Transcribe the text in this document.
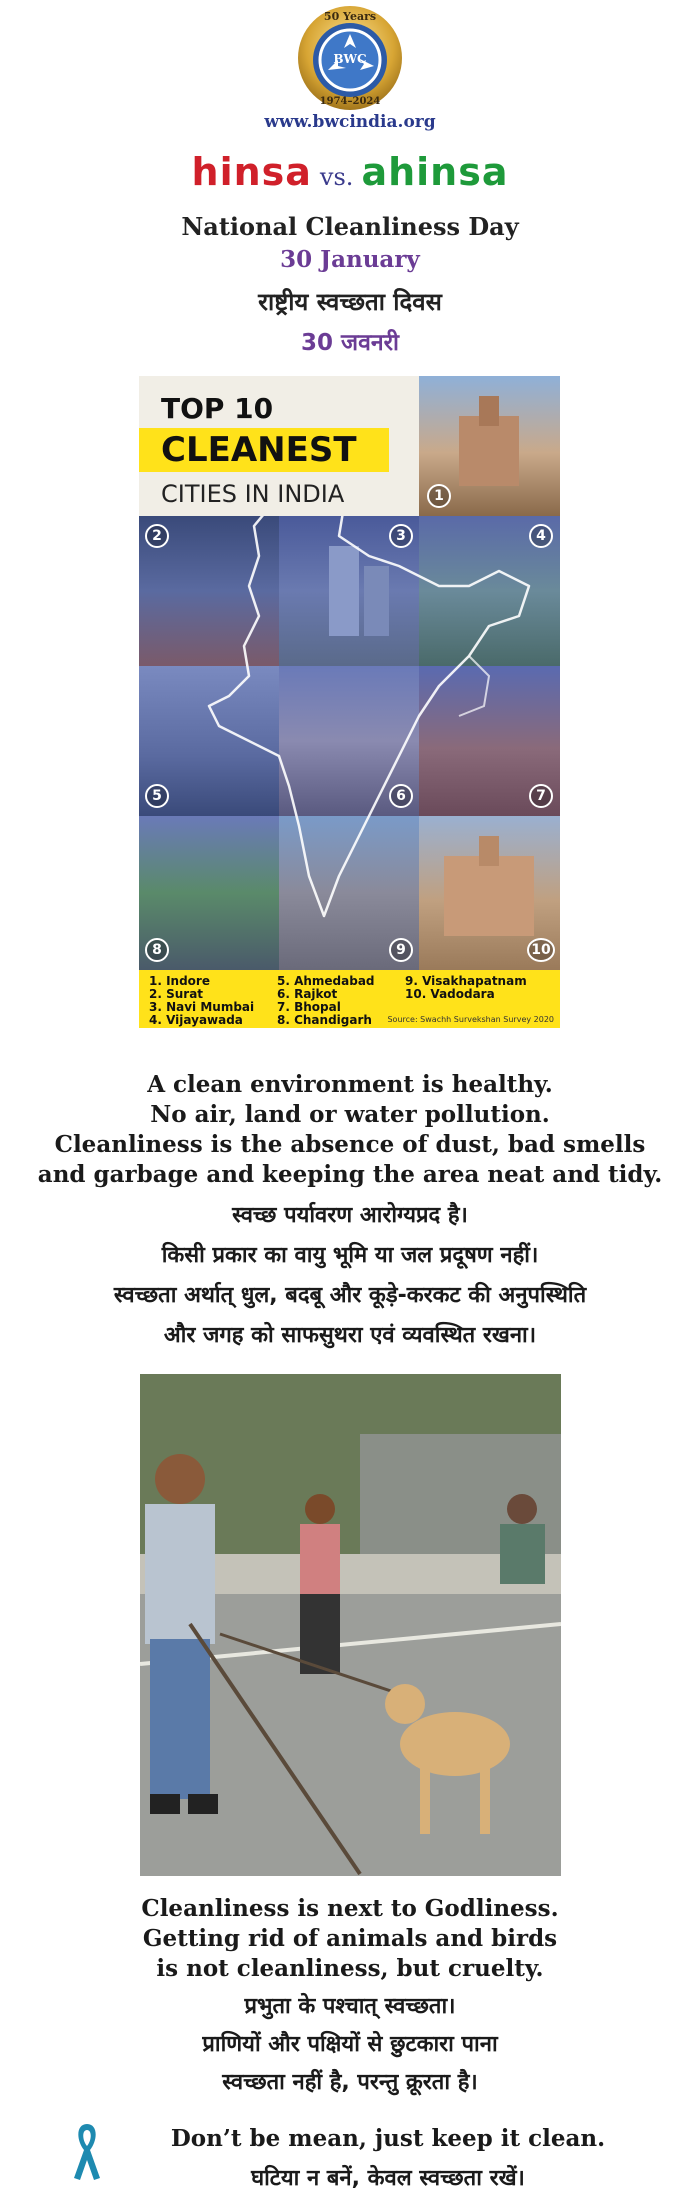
50 Years
BWC
1974–2024
www.bwcindia.org
hinsa vs. ahinsa
National Cleanliness Day
30 January
राष्ट्रीय स्वच्छता दिवस
30 जवनरी
1
2	3	4
5	6	7
8	9	10
TOP 10
CLEANEST
CITIES IN INDIA
1. Indore
2. Surat
3. Navi Mumbai
4. Vijayawada
5. Ahmedabad
6. Rajkot
7. Bhopal
8. Chandigarh
9. Visakhapatnam
10. Vadodara
Source: Swachh Survekshan Survey 2020
A clean environment is healthy.
No air, land or water pollution.
Cleanliness is the absence of dust, bad smells
and garbage and keeping the area neat and tidy.
स्वच्छ पर्यावरण आरोग्यप्रद है।
किसी प्रकार का वायु भूमि या जल प्रदूषण नहीं।
स्वच्छता अर्थात् धुल, बदबू और कूड़े-करकट की अनुपस्थिति
और जगह को साफसुथरा एवं व्यवस्थित रखना।
Cleanliness is next to Godliness.
Getting rid of animals and birds
is not cleanliness, but cruelty.
प्रभुता के पश्चात् स्वच्छता।
प्राणियों और पक्षियों से छुटकारा पाना
स्वच्छता नहीं है, परन्तु क्रूरता है।
Don’t be mean, just keep it clean.
घटिया न बनें, केवल स्वच्छता रखें।
